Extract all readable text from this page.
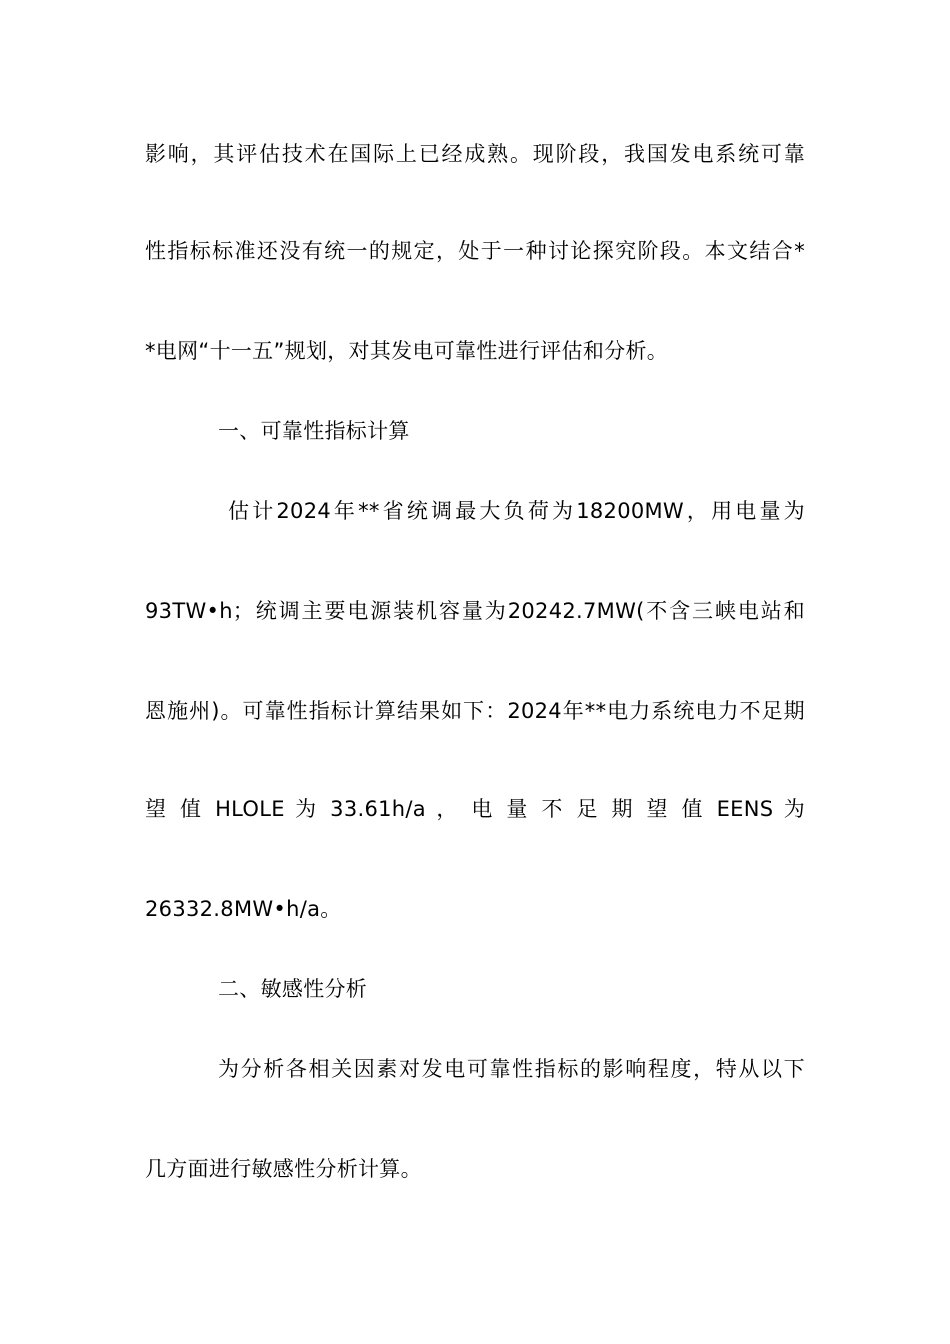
影响，其评估技术在国际上已经成熟。现阶段，我国发电系统可靠
性指标标准还没有统一的规定，处于一种讨论探究阶段。本文结合*
*电网“十一五”规划，对其发电可靠性进行评估和分析。
一、可靠性指标计算
估计2024年**省统调最大负荷为18200MW，用电量为
93TW•h；统调主要电源装机容量为20242.7MW(不含三峡电站和
恩施州)。可靠性指标计算结果如下：2024年**电力系统电力不足期
望 值 HLOLE 为 33.61h/a ， 电 量 不 足 期 望 值 EENS 为
26332.8MW•h/a。
二、敏感性分析
为分析各相关因素对发电可靠性指标的影响程度，特从以下
几方面进行敏感性分析计算。
